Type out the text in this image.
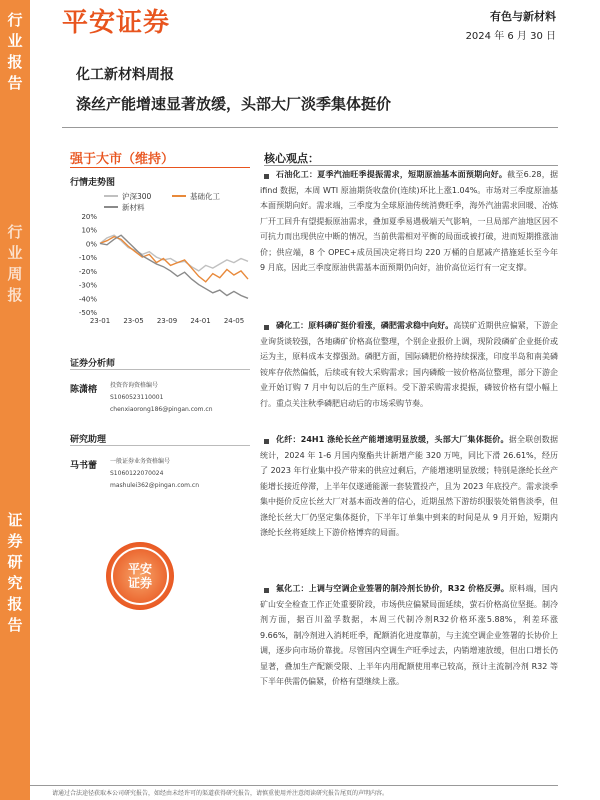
行业报告
行业周报
证券研究报告
平安证券	有色与新材料
2024 年 6 月 30 日
化工新材料周报
涤丝产能增速显著放缓，头部大厂淡季集体挺价
强于大市（维持）
行情走势图
20%
10%
0%
-10%
-20%
-30%
-40%
-50%
23-01 23-05 23-09 24-01 24-05
沪深300	基础化工
新材料
证券分析师
陈潇榕 投资咨询资格编号
S1060523110001
chenxiaorong186@pingan.com.cn
研究助理
马书蕾 一般证券业务资格编号
S1060122070024
mashulei362@pingan.com.cn
平安
证券
核心观点：
石油化工：夏季汽油旺季提振需求，短期原油基本面预期向好。截至6.28，据 ifind 数据，本周 WTI 原油期货收盘价(连续)环比上涨1.04%。市场对三季度原油基本面预期向好。需求端，三季度为全球原油传统消费旺季，海外汽油需求回暖、冶炼厂开工回升有望提振原油需求，叠加夏季易遇极端天气影响，一旦局部产油地区因不可抗力而出现供应中断的情况，当前供需相对平衡的局面或被打破，进而短期推涨油价；供应端，8 个 OPEC+成员国决定将日均 220 万桶的自愿减产措施延长至今年 9 月底，因此三季度原油供需基本面预期仍向好，油价高位运行有一定支撑。
磷化工：原料磷矿挺价看涨，磷肥需求稳中向好。高镁矿近期供应偏紧，下游企业询货谈较强，各地磷矿价格高位整理，个别企业报价上调，现阶段磷矿企业挺价或运为主，原料成本支撑强劲。磷肥方面，国际磷肥价格持续探涨，印度半岛和南美磷铵库存依然偏低，后续或有较大采购需求；国内磷酸一铵价格高位整理，部分下游企业开始订购 7 月中旬以后的生产原料。受下游采购需求提振，磷铵价格有望小幅上行。重点关注秋季磷肥启动后的市场采购节奏。
化纤：24H1 涤纶长丝产能增速明显放缓，头部大厂集体挺价。据全联创数据统计，2024 年 1-6 月国内聚酯共计新增产能 320 万吨，同比下滑 26.61%，经历了 2023 年行业集中投产带来的供应过剩后，产能增速明显放缓；特别是涤纶长丝产能增长接近停滞，上半年仅遂通能源一套装置投产，且为 2023 年底投产。需求淡季集中挺价反应长丝大厂对基本面改善的信心，近期虽然下游纺织服装处销售淡季，但涤纶长丝大厂仍坚定集体挺价，下半年订单集中到来的时间是从 9 月开始，短期内涤纶长丝将延续上下游价格博弈的局面。
氟化工：上调与空调企业签署的制冷剂长协价，R32 价格反弹。原料端，国内矿山安全检查工作正处重要阶段，市场供应偏紧局面延续，萤石价格高位坚挺。制冷剂方面，据百川盈孚数据，本周三代制冷剂R32价格环涨5.88%，利差环涨9.66%，制冷剂进入消耗旺季，配额消化进度靠前，与主流空调企业签署的长协价上调，逐步向市场价靠拢。尽管国内空调生产旺季过去，内销增速放缓，但出口增长仍显著，叠加生产配额受限、上半年内用配额使用率已较高，预计主流制冷剂 R32 等下半年供需仍偏紧，价格有望继续上涨。
请通过合法途径获取本公司研究报告，如经由未经许可的渠道获得研究报告，请慎重使用并注意阅读研究报告尾页的声明内容。
